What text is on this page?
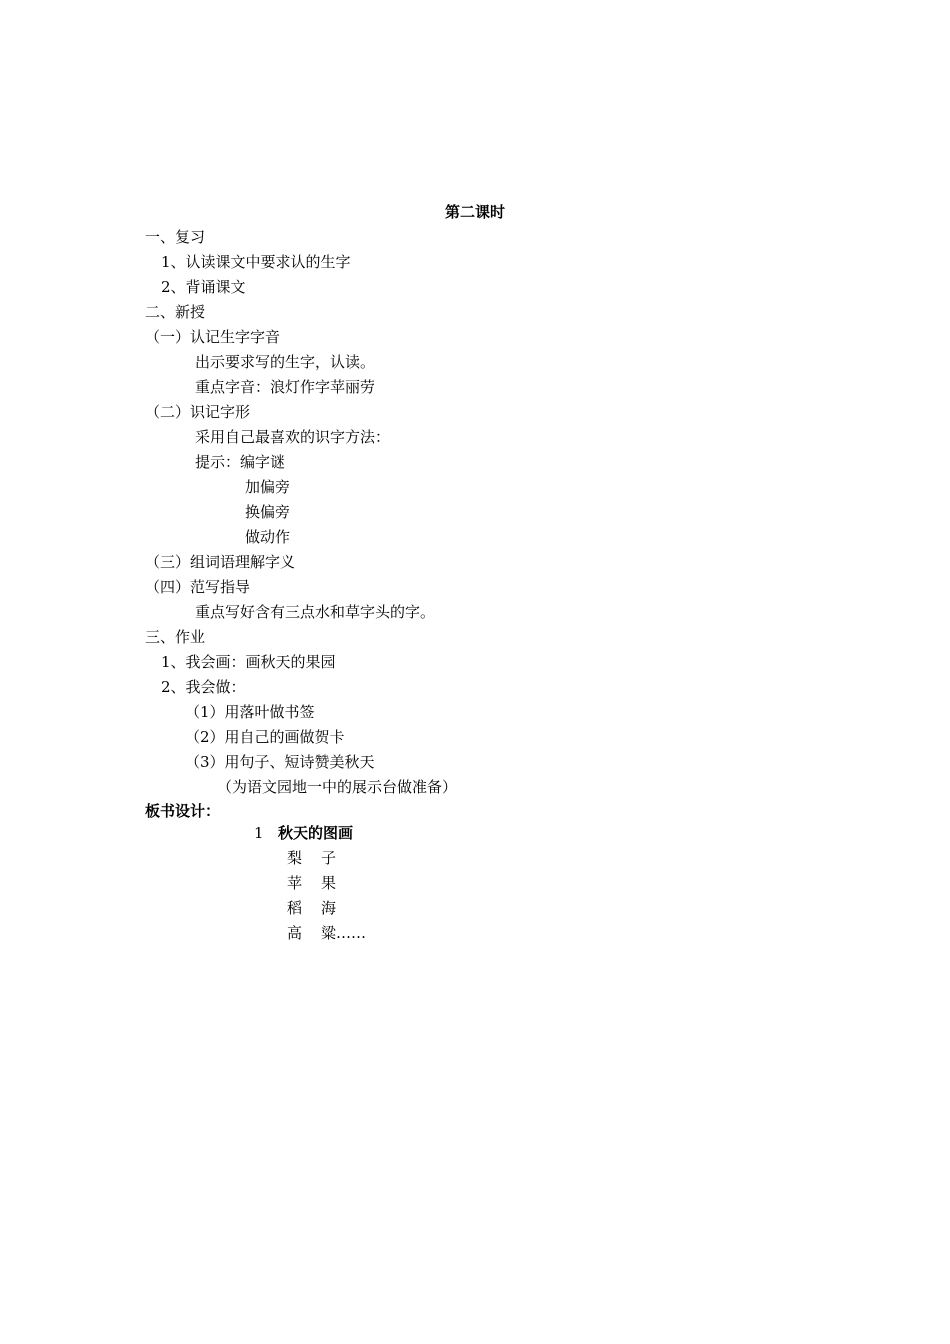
第二课时
一、复习
1、认读课文中要求认的生字
2、背诵课文
二、新授
（一）认记生字字音
出示要求写的生字，认读。
重点字音：浪灯作字苹丽劳
（二）识记字形
采用自己最喜欢的识字方法：
提示：编字谜
加偏旁
换偏旁
做动作
（三）组词语理解字义
（四）范写指导
重点写好含有三点水和草字头的字。
三、作业
1、我会画：画秋天的果园
2、我会做：
（1）用落叶做书签
（2）用自己的画做贺卡
（3）用句子、短诗赞美秋天
（为语文园地一中的展示台做准备）
板书设计：
1 秋天的图画
梨 子
苹 果
稻 海
高 粱……
